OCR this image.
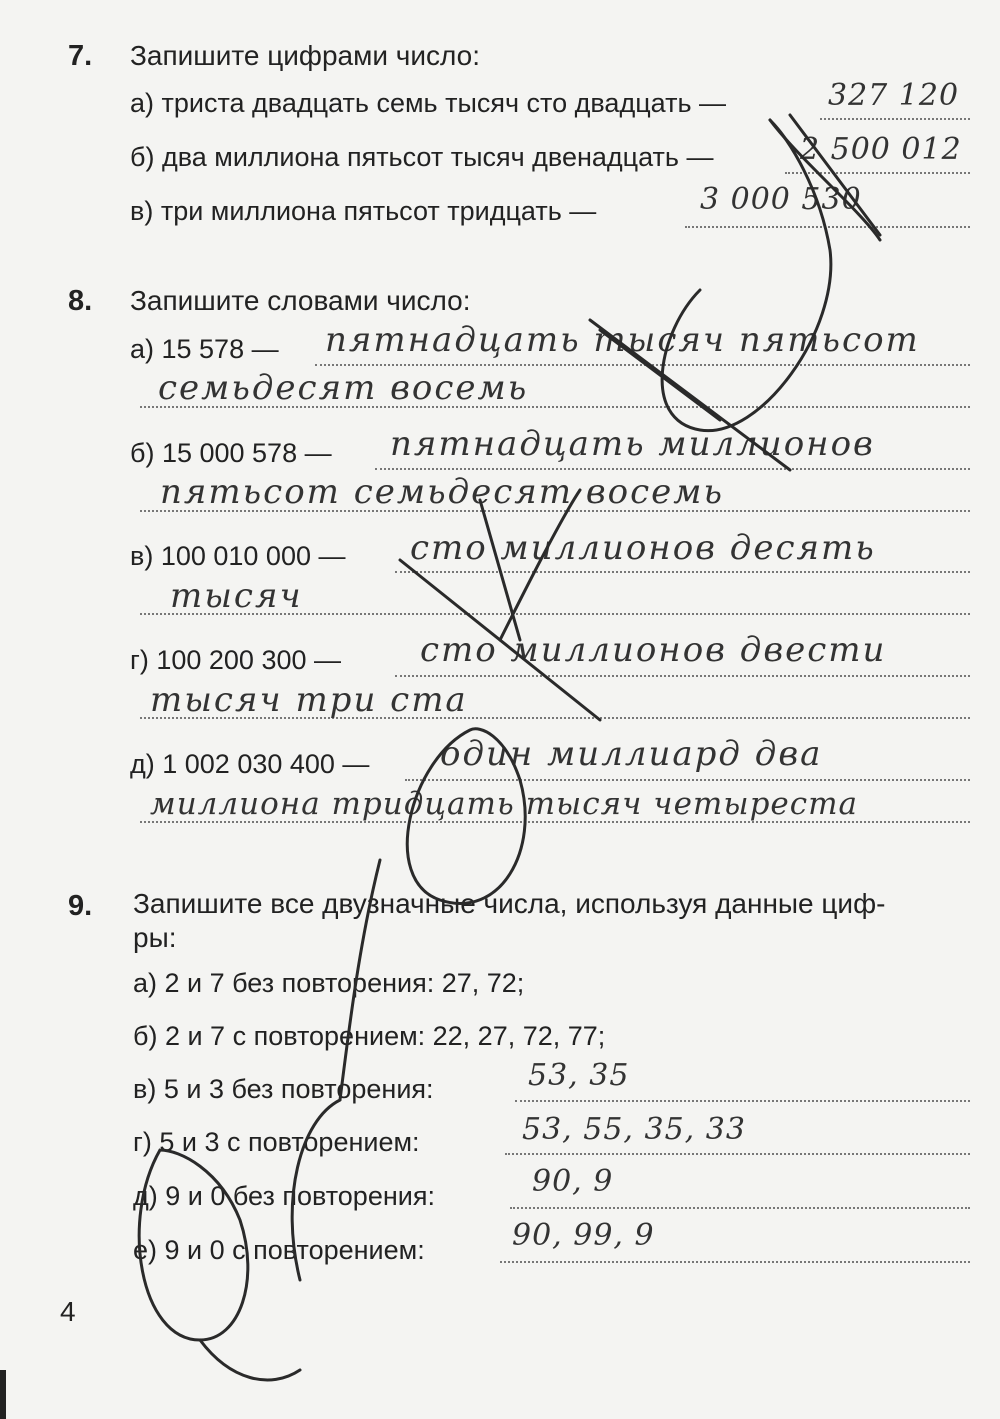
7. Запишите цифрами число:
а) триста двадцать семь тысяч сто двадцать —	327 120
б) два миллиона пятьсот тысяч двенадцать —	2 500 012
в) три миллиона пятьсот тридцать —	3 000 530
8. Запишите словами число:
а) 15 578 — пятнадцать тысяч пятьсот
семьдесят восемь
б) 15 000 578 — пятнадцать миллионов
пятьсот семьдесят восемь
в) 100 010 000 — сто миллионов десять
тысяч
г) 100 200 300 — сто миллионов двести
тысяч три ста
д) 1 002 030 400 — один миллиард два
миллиона тридцать тысяч четыреста
9. Запишите все двузначные числа, используя данные циф-
ры:
а) 2 и 7 без повторения: 27, 72;
б) 2 и 7 с повторением: 22, 27, 72, 77;
в) 5 и 3 без повторения:	53, 35
г) 5 и 3 с повторением:	53, 55, 35, 33
д) 9 и 0 без повторения:	90, 9
е) 9 и 0 с повторением:	90, 99, 9
4
